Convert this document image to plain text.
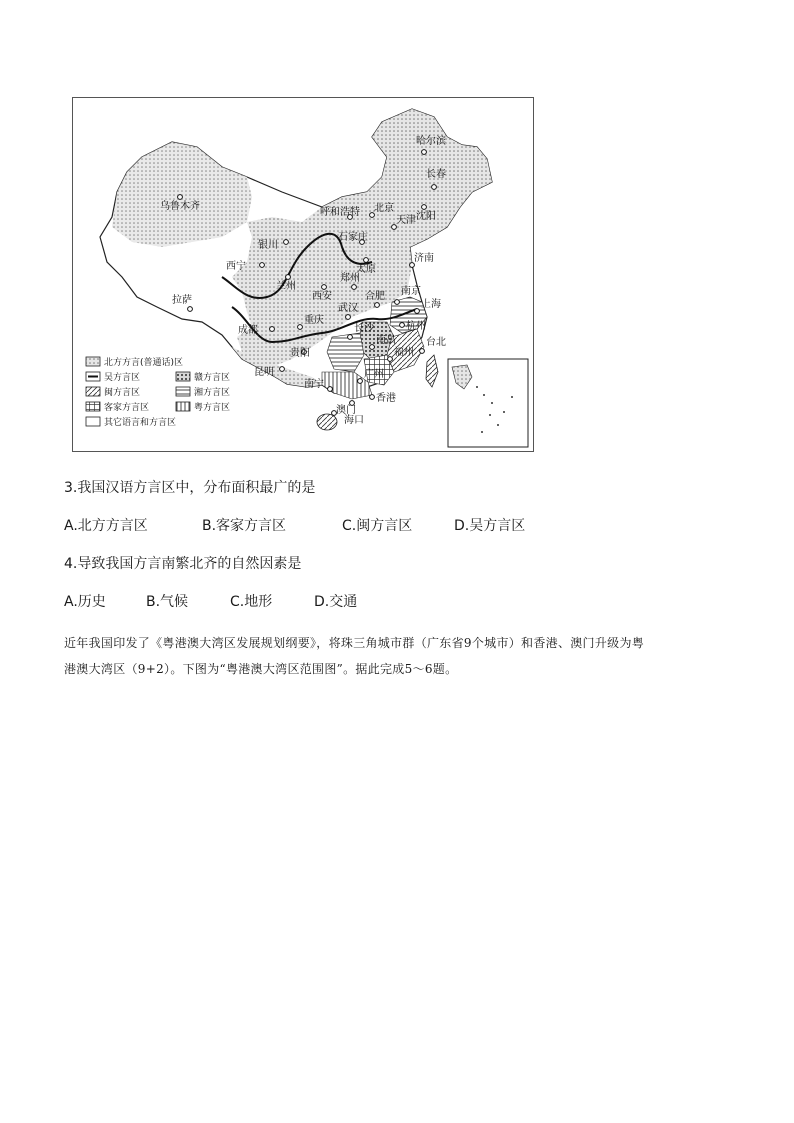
乌鲁木齐
哈尔滨
长春
沈阳
呼和浩特 北京
天津
石家庄
太原
济南
银川
西宁
兰州
西安
郑州
南京
上海
合肥
武汉
杭州
成都
重庆
贵阳
长沙
南昌
福州
台北
昆明
南宁
广州
香港
澳门
海口
拉萨
北方方言(普通话)区
吴方言区	赣方言区
闽方言区	湘方言区
客家方言区	粤方言区
其它语言和方言区
3.我国汉语方言区中，分布面积最广的是
A.北方方言区	B.客家方言区	C.闽方言区	D.吴方言区
4.导致我国方言南繁北齐的自然因素是
A.历史	B.气候	C.地形	D.交通
近年我国印发了《粤港澳大湾区发展规划纲要》，将珠三角城市群（广东省9个城市）和香港、澳门升级为粤
港澳大湾区（9+2）。下图为“粤港澳大湾区范围图”。据此完成5～6题。
